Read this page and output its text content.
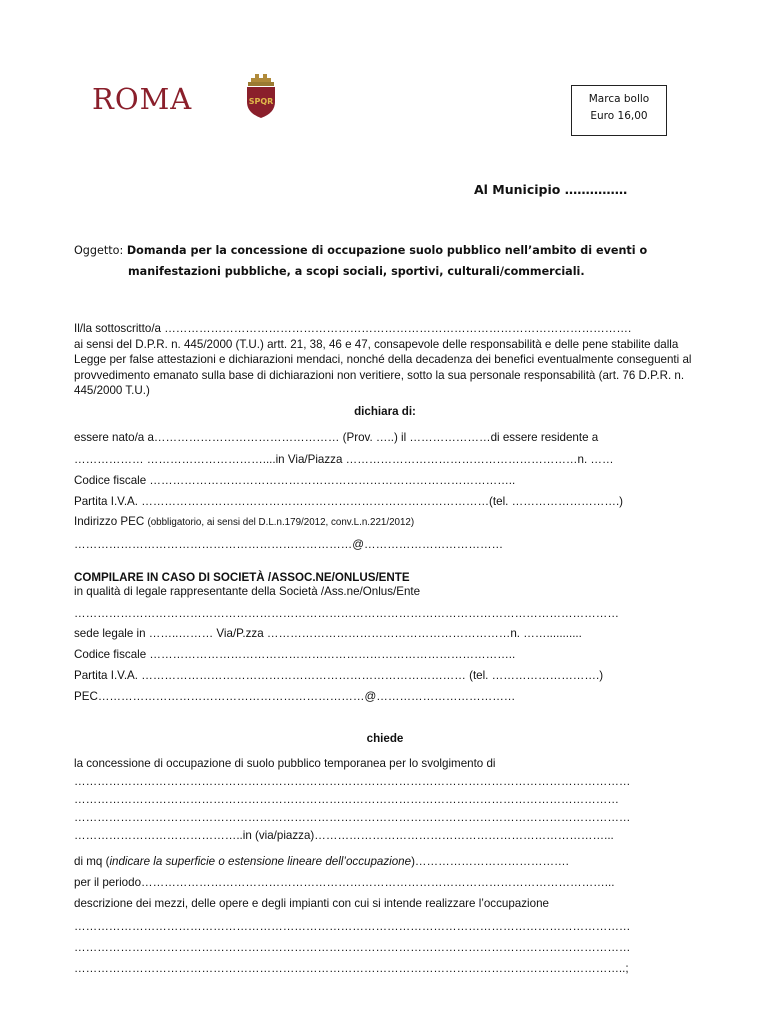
ROMA	SPQR	Marca bollo
Euro 16,00
Al Municipio ……………
Oggetto: Domanda per la concessione di occupazione suolo pubblico nell’ambito di eventi o
manifestazioni pubbliche, a scopi sociali, sportivi, culturali/commerciali.
Il/la sottoscritto/a ………………………………………………………………………………………………………….
ai sensi del D.P.R. n. 445/2000 (T.U.) artt. 21, 38, 46 e 47, consapevole delle responsabilità e delle pene stabilite dalla Legge per false attestazioni e dichiarazioni mendaci, nonché della decadenza dei benefici eventualmente conseguenti al provvedimento emanato sulla base di dichiarazioni non veritiere, sotto la sua personale responsabilità (art. 76 D.P.R. n. 445/2000 T.U.)
dichiara di:
essere nato/a a………………………………………… (Prov. …..) il …………………di essere residente a
……………… …………………………....in Via/Piazza ……………………………………………………n. ……
Codice fiscale …………………………………………………………………………………..
Partita I.V.A. ………………………………………………………………………………(tel. ……………………….)
Indirizzo PEC (obbligatorio, ai sensi del D.L.n.179/2012, conv.L.n.221/2012)
………………………………………………………………@………………………………
COMPILARE IN CASO DI SOCIETÀ /ASSOC.NE/ONLUS/ENTE
in qualità di legale rappresentante della Società /Ass.ne/Onlus/Ente
……………………………………………………………………………………………………………………………
sede legale in ……..……… Via/P.zza ………………………………………………………n. ……...........
Codice fiscale …………………………………………………………………………………..
Partita I.V.A. ………………………………………………………………………… (tel. ……………………….)
PEC……………………………………………………………@………………………………
chiede
la concessione di occupazione di suolo pubblico temporanea per lo svolgimento di
………………………………………………………………………………………………………………………………
……………………………………………………………………………………………………………………………
………………………………………………………………………………………………………………………………
……………………………………..in (via/piazza)…………………………………………………………………...
di mq (indicare la superficie o estensione lineare dell’occupazione)………………………………….
per il periodo…………………………………………………………………………………………………………...
descrizione dei mezzi, delle opere e degli impianti con cui si intende realizzare l’occupazione
………………………………………………………………………………………………………………………………
………………………………………………………………………………………………………………………………
……………………………………………………………………………………………………………………………..;
